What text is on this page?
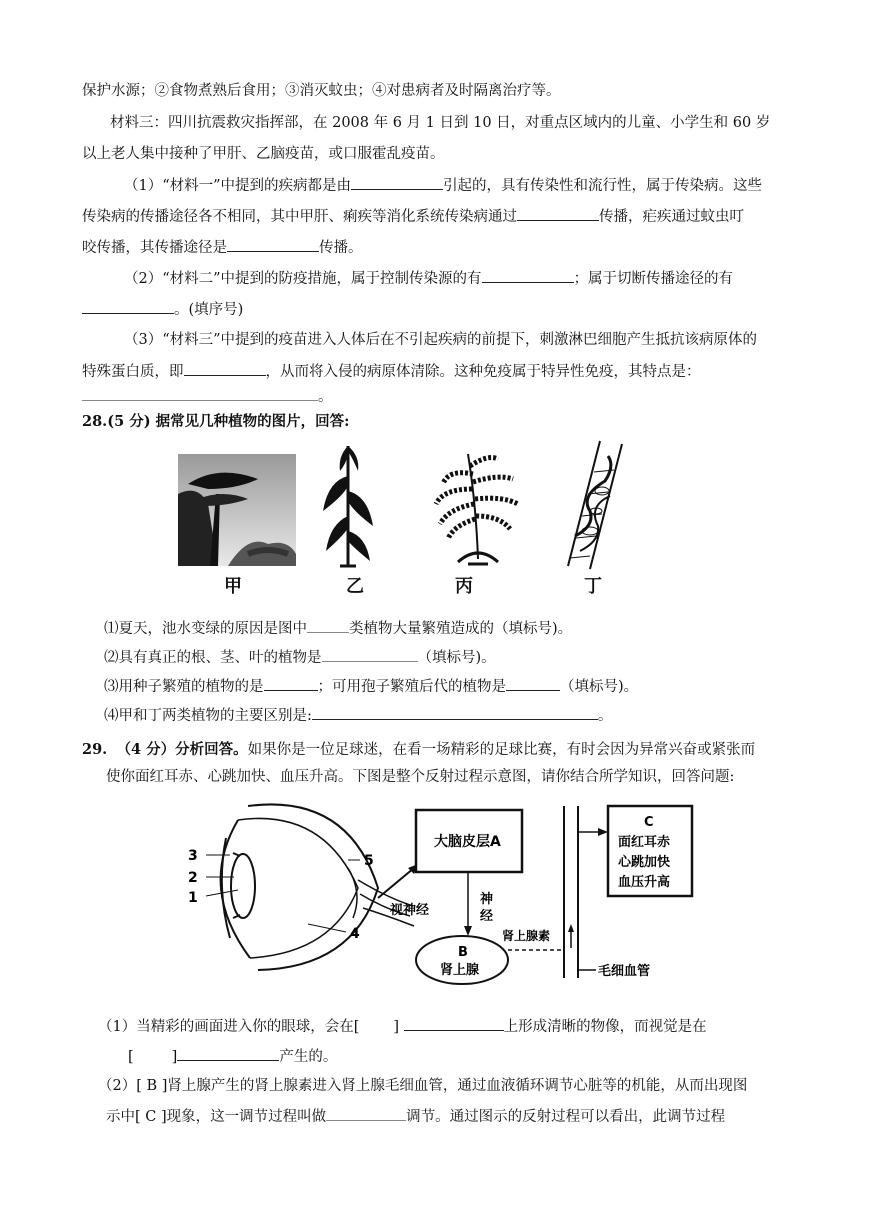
保护水源；②食物煮熟后食用；③消灭蚊虫；④对患病者及时隔离治疗等。
材料三：四川抗震救灾指挥部，在 2008 年 6 月 1 日到 10 日，对重点区域内的儿童、小学生和 60 岁
以上老人集中接种了甲肝、乙脑疫苗，或口服霍乱疫苗。
（1）“材料一”中提到的疾病都是由	引起的，具有传染性和流行性，属于传染病。这些
传染病的传播途径各不相同，其中甲肝、痢疾等消化系统传染病通过	传播，疟疾通过蚊虫叮
咬传播，其传播途径是	传播。
（2）“材料二”中提到的防疫措施，属于控制传染源的有	；属于切断传播途径的有
。(填序号)
（3）“材料三”中提到的疫苗进入人体后在不引起疾病的前提下，刺激淋巴细胞产生抵抗该病原体的
特殊蛋白质，即	，从而将入侵的病原体清除。这种免疫属于特异性免疫，其特点是：
。
28.(5 分) 据常见几种植物的图片，回答:
甲	乙	丙	丁
⑴夏天，池水变绿的原因是图中	类植物大量繁殖造成的（填标号)。
⑵具有真正的根、茎、叶的植物是	（填标号)。
⑶用种子繁殖的植物的是	；可用孢子繁殖后代的植物是	（填标号)。
⑷甲和丁两类植物的主要区别是:	。
29. （4 分）分析回答。如果你是一位足球迷，在看一场精彩的足球比赛，有时会因为异常兴奋或紧张而
使你面红耳赤、心跳加快、血压升高。下图是整个反射过程示意图，请你结合所学知识，回答问题:
3
2
1
4
5
视神经
大脑皮层A
神
经
B
肾上腺
肾上腺素
毛细血管
C
面红耳赤
心跳加快
血压升高
（1）当精彩的画面进入你的眼球，会在[ ]	上形成清晰的物像，而视觉是在
[	]	产生的。
（2）[ B ]肾上腺产生的肾上腺素进入肾上腺毛细血管，通过血液循环调节心脏等的机能，从而出现图
示中[ C ]现象，这一调节过程叫做	调节。通过图示的反射过程可以看出，此调节过程
